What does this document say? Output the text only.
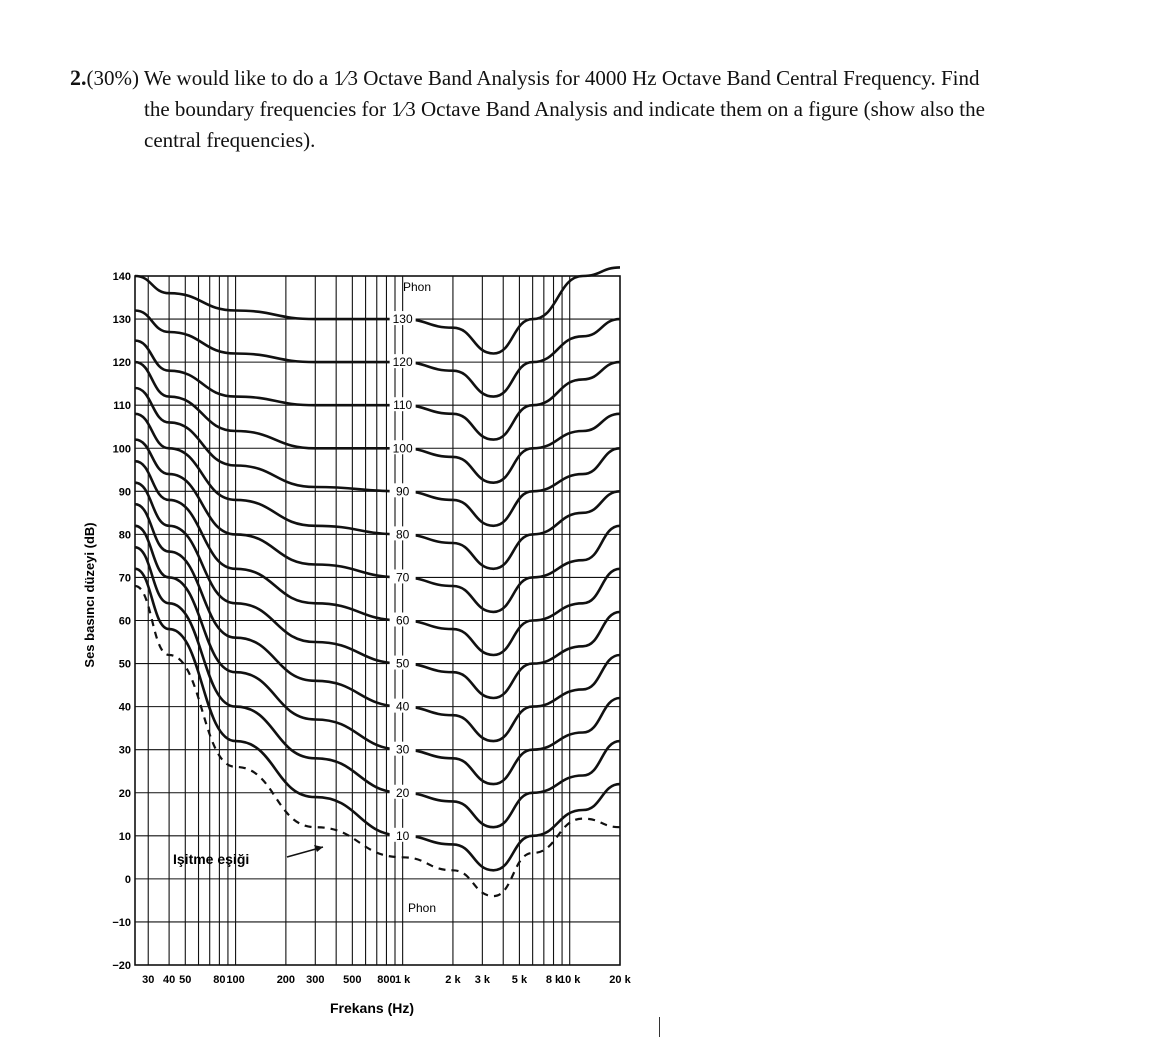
2.(30%) We would like to do a 1⁄3 Octave Band Analysis for 4000 Hz Octave Band Central Frequency. Find
the boundary frequencies for 1⁄3 Octave Band Analysis and indicate them on a figure (show also the
central frequencies).
140
130
120
110
100
90
80
70
60
50
40
30
20
10
0
−10
−20
30 40 50 80 100	200 300 500 800 1 k	2 k 3 k 5 k 8 k
10 k	20 k
130
120
110
100
90
80
70
60
50
40
30
20
10
Ses basıncı düzeyi (dB)
Frekans (Hz)
Phon
Phon
Işitme eşiği
